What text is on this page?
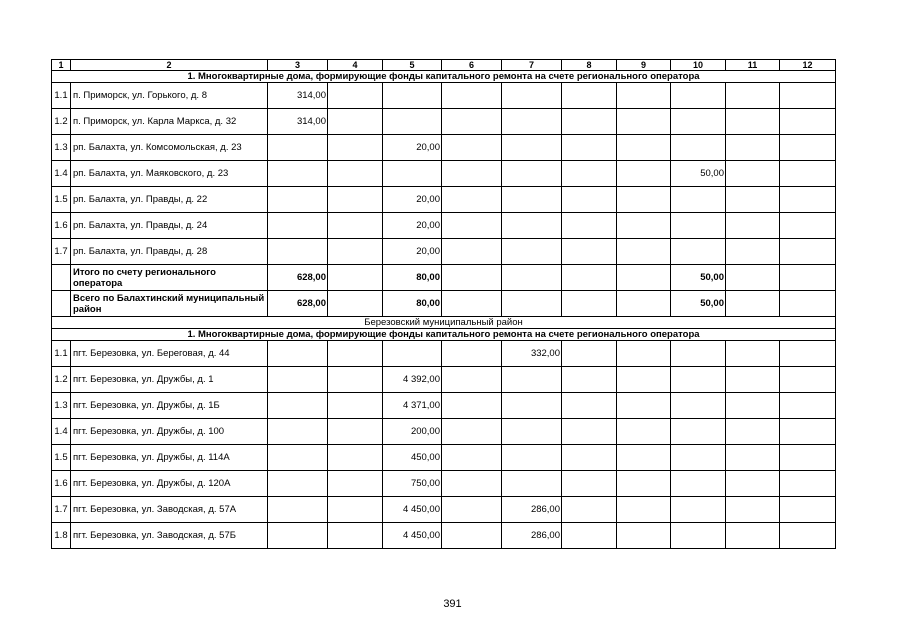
1	2	3	4	5	6	7	8	9	10	11	12
1. Многоквартирные дома, формирующие фонды капитального ремонта на счете регионального оператора											
1.1	п. Приморск, ул. Горького, д. 8	314,00									
1.2	п. Приморск, ул. Карла Маркса, д. 32	314,00									
1.3	рп. Балахта, ул. Комсомольская, д. 23			20,00							
1.4	рп. Балахта, ул. Маяковского, д. 23								50,00		
1.5	рп. Балахта, ул. Правды, д. 22			20,00							
1.6	рп. Балахта, ул. Правды, д. 24			20,00							
1.7	рп. Балахта, ул. Правды, д. 28			20,00							
	Итого по счету регионального оператора	628,00		80,00					50,00		
	Всего по Балахтинский муниципальный район	628,00		80,00					50,00		
Березовский муниципальный район											
1. Многоквартирные дома, формирующие фонды капитального ремонта на счете регионального оператора											
1.1	пгт. Березовка, ул. Береговая, д. 44					332,00					
1.2	пгт. Березовка, ул. Дружбы, д. 1			4 392,00							
1.3	пгт. Березовка, ул. Дружбы, д. 1Б			4 371,00							
1.4	пгт. Березовка, ул. Дружбы, д. 100			200,00							
1.5	пгт. Березовка, ул. Дружбы, д. 114А			450,00							
1.6	пгт. Березовка, ул. Дружбы, д. 120А			750,00							
1.7	пгт. Березовка, ул. Заводская, д. 57А			4 450,00		286,00					
1.8	пгт. Березовка, ул. Заводская, д. 57Б			4 450,00		286,00					
391
